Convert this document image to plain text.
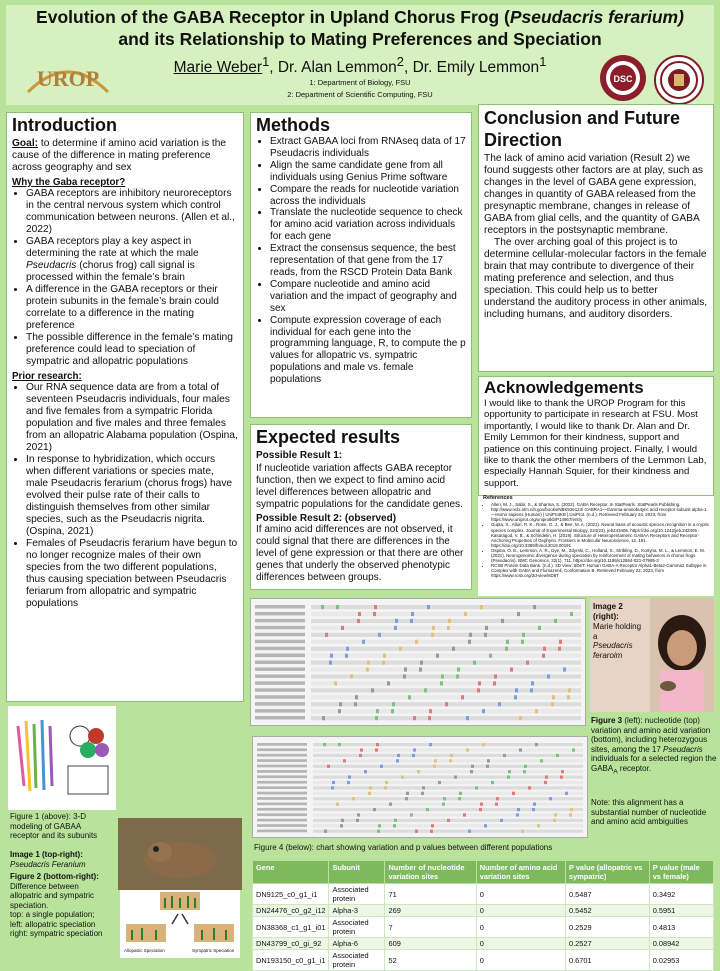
Evolution of the GABA Receptor in Upland Chorus Frog (Pseudacris ferarium) and its Relationship to Mating Preferences and Speciation
Marie Weber$^1$, Dr. Alan Lemmon$^2$, Dr. Emily Lemmon$^1$
1: Department of Biology, FSU
2: Department of Scientific Computing, FSU
UROP	DSC
Introduction
Goal: to determine if amino acid variation is the cause of the difference in mating preference across geography and sex
Why the Gaba receptor?
• GABA receptors are inhibitory neuroreceptors in the central nervous system which control communication between neurons. (Allen et al., 2022)
• GABA receptors play a key aspect in determining the rate at which the male Pseudacris (chorus frog) call signal is processed within the female’s brain
• A difference in the GABA receptors or their protein subunits in the female’s brain could correlate to a difference in the mating preference
• The possible difference in the female’s mating preference could lead to speciation of sympatric and allopatric populations
Prior research:
• Our RNA sequence data are from a total of seventeen Pseudacris individuals, four males and five females from a sympatric Florida population and five males and three females from an allopatric Alabama population (Ospina, 2021)
• In response to hybridization, which occurs when different variations or species mate, male Pseudacris ferarium (chorus frogs) have evolved their pulse rate of their calls to distinguish themselves from other similar species, such as the Pseudacris nigrita. (Ospina, 2021)
• Females of Pseudacris ferarium have begun to no longer recognize males of their own species from the two different populations, thus causing speciation between Pseudacris feriarum from allopatric and sympatric populations
Figure 1 (above): 3-D modeling of GABAA receptor and its subunits
Image 1 (top-right):
Pseudacris Feranium
Figure 2 (bottom-right):
Difference between allopatric and sympatric speciation.
top: a single population;
left: allopatric speciation
right: sympatric speciation
Allopatric Speciation	Sympatric Speciation
Methods
• Extract GABAA loci from RNAseq data of 17 Pseudacris individuals
• Align the same candidate gene from all individuals using Genius Prime software
• Compare the reads for nucleotide variation across the individuals
• Translate the nucleotide sequence to check for amino acid variation across individuals for each gene
• Extract the consensus sequence, the best representation of that gene from the 17 reads, from the RSCD Protein Data Bank
• Compare nucleotide and amino acid variation and the impact of geography and sex
• Compute expression coverage of each individual for each gene into the programming language, R, to compute the p values for allopatric vs. sympatric populations and male vs. female populations
Expected results
Possible Result 1:
If nucleotide variation affects GABA receptor function, then we expect to find amino acid level differences between allopatric and sympatric populations for the candidate genes.
Possible Result 2: (observed)
If amino acid differences are not observed, it could signal that there are differences in the level of gene expression or that there are other genes that underly the observed phenotypic differences between groups.
Conclusion and Future Direction
The lack of amino acid variation (Result 2) we found suggests other factors are at play, such as changes in the level of GABA gene expression, changes in quantity of GABA released from the presynaptic membrane, changes in release of GABA from glial cells, and the quantity of GABA receptors in the postsynaptic membrane.
The over arching goal of this project is to determine cellular-molecular factors in the female brain that may contribute to divergence of their mating preference and selection, and thus speciation. This could help us to better understand the auditory process in other animals, including humans, and auditory disorders.
Acknowledgements
I would like to thank the UROP Program for this opportunity to participate in research at FSU. Most importantly, I would like to thank Dr. Alan and Dr. Emily Lemmon for their kindness, support and patience on this continuing project. Finally, I would like to thank the other members of the Lemmon Lab, especially Hannah Squier, for their kindness and support.
References
• Allen, M. J., Sabir, S., & Sharma, S. (2022). GABA Receptor. In StatPearls. StatPearls Publishing. http://www.ncbi.nlm.nih.gov/books/NBK526124/ GABRA1—Gamma-aminobutyric acid receptor subunit alpha-1—Homo sapiens (Human) | UniProtKB | UniProt. (n.d.). Retrieved February 24, 2023, from https://www.uniprot.org/uniprotkb/P14867/entry
• Gupta, S., Alluri, R. K., Rose, G. J., & Bee, M. A. (2021). Neural basis of acoustic species recognition in a cryptic species complex. Journal of Experimental Biology, 224(23), jeb243405. https://doi.org/10.1242/jeb.243405 -Kasaragod, V. B., & Schindelin, H. (2019). Structure of Heteropentameric GABAA Receptors and Receptor-Anchoring Properties of Gephyrin. Frontiers in Molecular Neuroscience, 12, 191. https://doi.org/10.3389/fnmol.2019.00191
• Ospina, O. E., Lemmon, A. R., Dye, M., Zdyrski, C., Holland, S., Stribling, D., Kortyna, M. L., & Lemmon, E. M. (2021). Neurogenomic divergence during speciation by reinforcement of mating behaviors in chorus frogs (Pseudacris). BMC Genomics, 22(1), 711. https://doi.org/10.1186/s12864-021-07995-3
• RCSB Protein Data Bank. (n.d.). 3D View: 6D6T: Human GABA-A Receptor Alpha1-Beta2-Gamma2 Subtype in Complex with GABA and Flumazenil, Conformation B. Retrieved February 22, 2023, from https://www.rcsb.org/3d-view/6D6T
Image 2 (right):
Marie holding a
Pseudacris feraroim
Figure 3 (left): nucleotide (top) variation and amino acid variation (bottom), including heterozygous sites, among the 17 Pseudacris individuals for a selected region the $GABA_A$ receptor.
Note: this alignment has a substantial number of nucleotide and amino acid ambiguities
Figure 4 (below): chart showing variation and p values between different populations
Gene	Subunit	Number of nucleotide variation sites	Number of amino acid variation sites	P value (allopatric vs sympatric)	P value (male vs female)
DN9125_c0_g1_i1	Associated protein	71	0	0.5487	0.3492
DN24476_c0_g2_i12	Alpha-3	269	0	0.5452	0.5951
DN38368_c1_g1_i01	Associated protein	7	0	0.2529	0.4813
DN43799_c0_gi_92	Alpha-6	609	0	0.2527	0.08942
DN193150_c0_g1_i1	Associated protein	52	0	0.6701	0.02953
